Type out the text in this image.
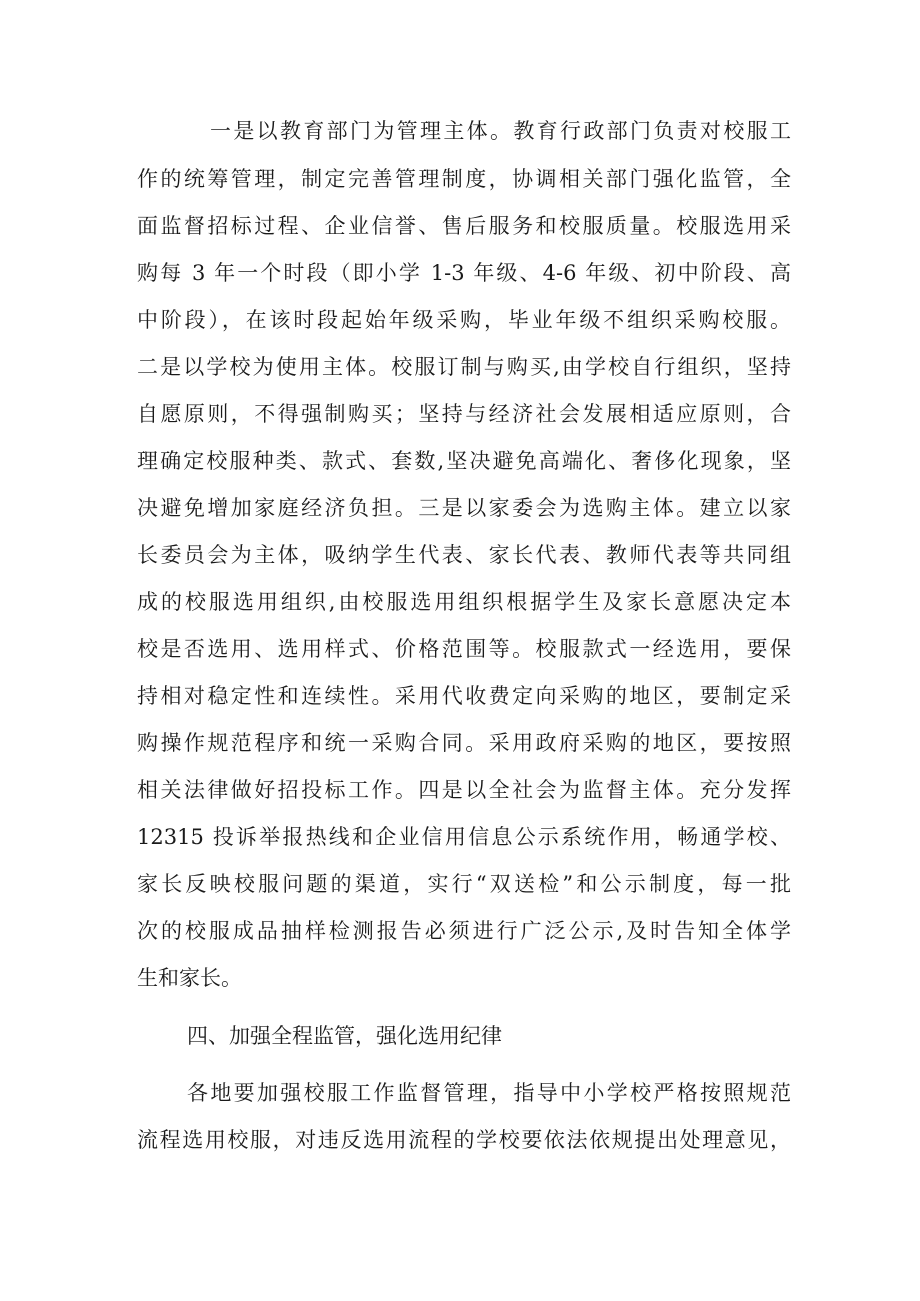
一是以教育部门为管理主体。教育行政部门负责对校服工
作的统筹管理，制定完善管理制度，协调相关部门强化监管，全
面监督招标过程、企业信誉、售后服务和校服质量。校服选用采
购每 3 年一个时段（即小学 1-3 年级、4-6 年级、初中阶段、高
中阶段），在该时段起始年级采购，毕业年级不组织采购校服。
二是以学校为使用主体。校服订制与购买,由学校自行组织，坚持
自愿原则，不得强制购买；坚持与经济社会发展相适应原则，合
理确定校服种类、款式、套数,坚决避免高端化、奢侈化现象，坚
决避免增加家庭经济负担。三是以家委会为选购主体。建立以家
长委员会为主体，吸纳学生代表、家长代表、教师代表等共同组
成的校服选用组织,由校服选用组织根据学生及家长意愿决定本
校是否选用、选用样式、价格范围等。校服款式一经选用，要保
持相对稳定性和连续性。采用代收费定向采购的地区，要制定采
购操作规范程序和统一采购合同。采用政府采购的地区，要按照
相关法律做好招投标工作。四是以全社会为监督主体。充分发挥
12315 投诉举报热线和企业信用信息公示系统作用，畅通学校、
家长反映校服问题的渠道，实行“双送检”和公示制度，每一批
次的校服成品抽样检测报告必须进行广泛公示,及时告知全体学
生和家长。
四、加强全程监管，强化选用纪律
各地要加强校服工作监督管理，指导中小学校严格按照规范
流程选用校服，对违反选用流程的学校要依法依规提出处理意见，
